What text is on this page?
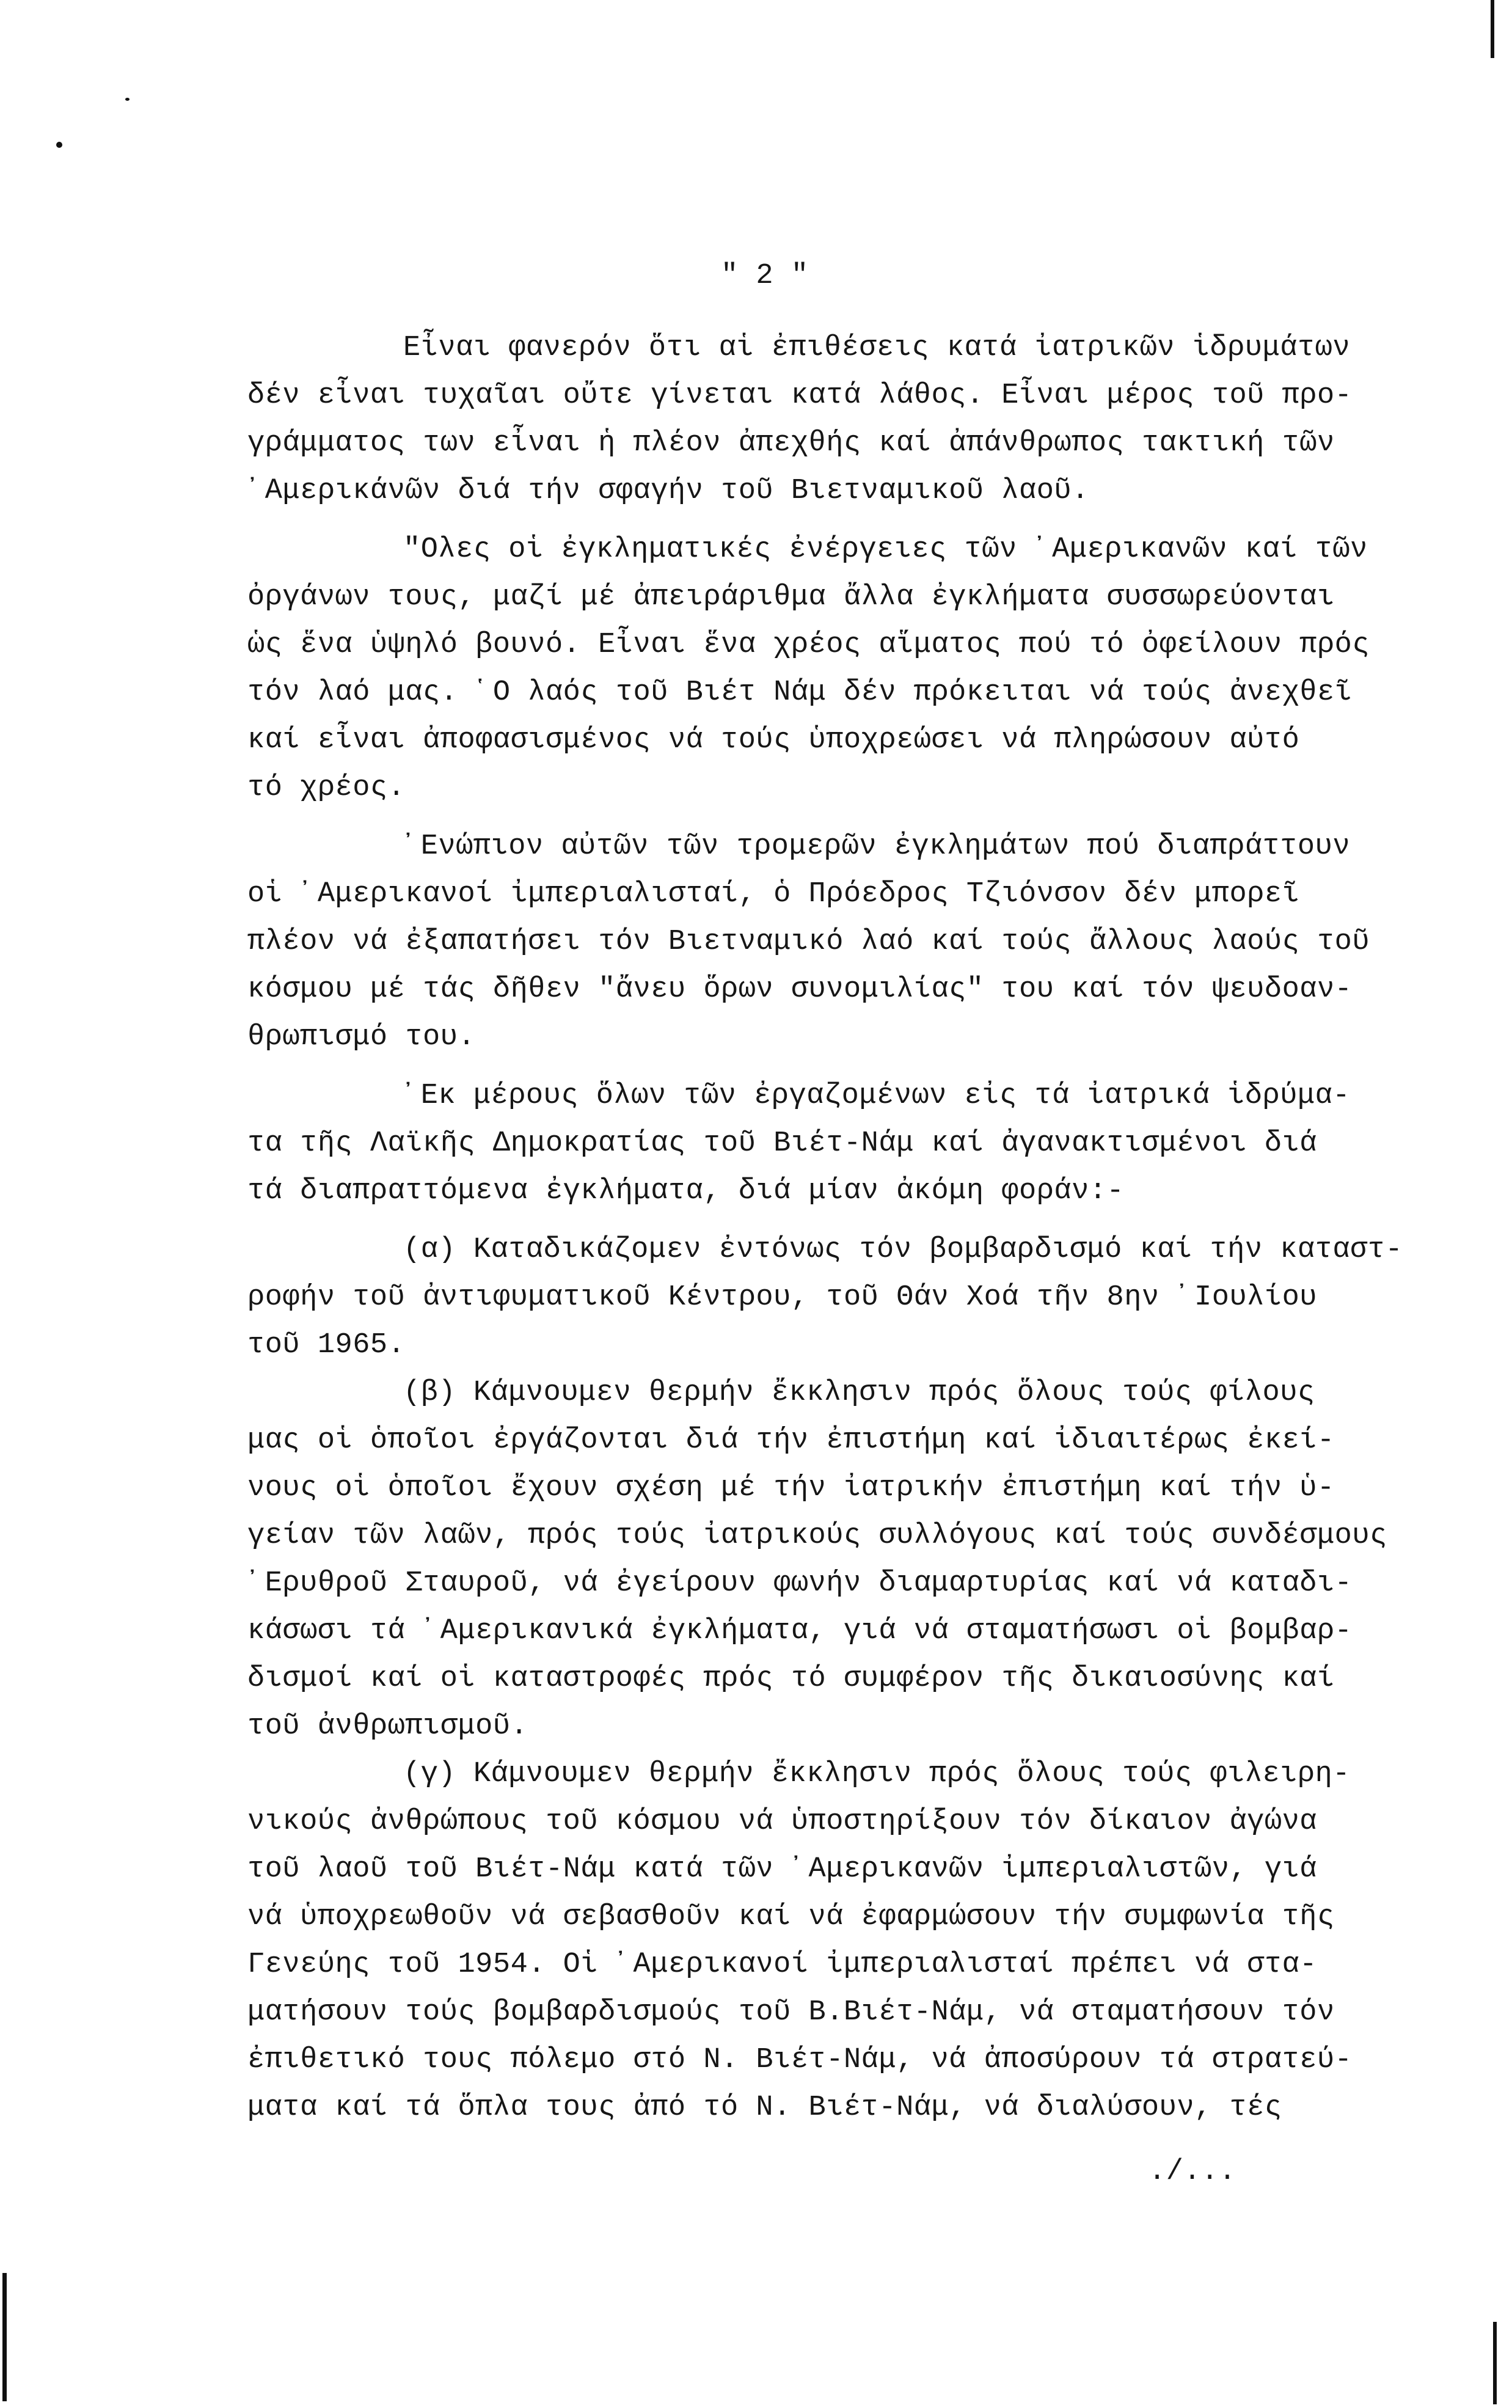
" 2 "
Εἶναι φανερόν ὅτι αἱ ἐπιθέσεις κατά ἰατρικῶν ἱδρυμάτων
δέν εἶναι τυχαῖαι οὔτε γίνεται κατά λάθος. Εἶναι μέρος τοῦ προ-
γράμματος των εἶναι ἡ πλέον ἀπεχθής καί ἀπάνθρωπος τακτική τῶν
᾿Αμερικάνῶν διά τήν σφαγήν τοῦ Βιετναμικοῦ λαοῦ.
"Ολες οἱ ἐγκληματικές ἐνέργειες τῶν ᾿Αμερικανῶν καί τῶν
ὀργάνων τους, μαζί μέ ἀπειράριθμα ἄλλα ἐγκλήματα συσσωρεύονται
ὡς ἕνα ὑψηλό βουνό. Εἶναι ἕνα χρέος αἵματος πού τό ὀφείλουν πρός
τόν λαό μας. ῾Ο λαός τοῦ Βιέτ Νάμ δέν πρόκειται νά τούς ἀνεχθεῖ
καί εἶναι ἀποφασισμένος νά τούς ὑποχρεώσει νά πληρώσουν αὐτό
τό χρέος.
᾿Ενώπιον αὐτῶν τῶν τρομερῶν ἐγκλημάτων πού διαπράττουν
οἱ ᾿Αμερικανοί ἰμπεριαλισταί, ὁ Πρόεδρος Τζιόνσον δέν μπορεῖ
πλέον νά ἐξαπατήσει τόν Βιετναμικό λαό καί τούς ἄλλους λαούς τοῦ
κόσμου μέ τάς δῆθεν "ἄνευ ὅρων συνομιλίας" του καί τόν ψευδοαν-
θρωπισμό του.
᾿Εκ μέρους ὅλων τῶν ἐργαζομένων εἰς τά ἰατρικά ἱδρύμα-
τα τῆς Λαϊκῆς Δημοκρατίας τοῦ Βιέτ-Νάμ καί ἀγανακτισμένοι διά
τά διαπραττόμενα ἐγκλήματα, διά μίαν ἀκόμη φοράν:-
(α) Καταδικάζομεν ἐντόνως τόν βομβαρδισμό καί τήν καταστ-
ροφήν τοῦ ἀντιφυματικοῦ Κέντρου, τοῦ Θάν Χοά τῆν 8ην ᾿Ιουλίου
τοῦ 1965.
(β) Κάμνουμεν θερμήν ἔκκλησιν πρός ὅλους τούς φίλους
μας οἱ ὁποῖοι ἐργάζονται διά τήν ἐπιστήμη καί ἰδιαιτέρως ἐκεί-
νους οἱ ὁποῖοι ἔχουν σχέση μέ τήν ἰατρικήν ἐπιστήμη καί τήν ὑ-
γείαν τῶν λαῶν, πρός τούς ἰατρικούς συλλόγους καί τούς συνδέσμους
᾿Ερυθροῦ Σταυροῦ, νά ἐγείρουν φωνήν διαμαρτυρίας καί νά καταδι-
κάσωσι τά ᾿Αμερικανικά ἐγκλήματα, γιά νά σταματήσωσι οἱ βομβαρ-
δισμοί καί οἱ καταστροφές πρός τό συμφέρον τῆς δικαιοσύνης καί
τοῦ ἀνθρωπισμοῦ.
(γ) Κάμνουμεν θερμήν ἔκκλησιν πρός ὅλους τούς φιλειρη-
νικούς ἀνθρώπους τοῦ κόσμου νά ὑποστηρίξουν τόν δίκαιον ἀγώνα
τοῦ λαοῦ τοῦ Βιέτ-Νάμ κατά τῶν ᾿Αμερικανῶν ἰμπεριαλιστῶν, γιά
νά ὑποχρεωθοῦν νά σεβασθοῦν καί νά ἐφαρμώσουν τήν συμφωνία τῆς
Γενεύης τοῦ 1954. Οἱ ᾿Αμερικανοί ἰμπεριαλισταί πρέπει νά στα-
ματήσουν τούς βομβαρδισμούς τοῦ Β.Βιέτ-Νάμ, νά σταματήσουν τόν
ἐπιθετικό τους πόλεμο στό Ν. Βιέτ-Νάμ, νά ἀποσύρουν τά στρατεύ-
ματα καί τά ὅπλα τους ἀπό τό Ν. Βιέτ-Νάμ, νά διαλύσουν, τές
./...
